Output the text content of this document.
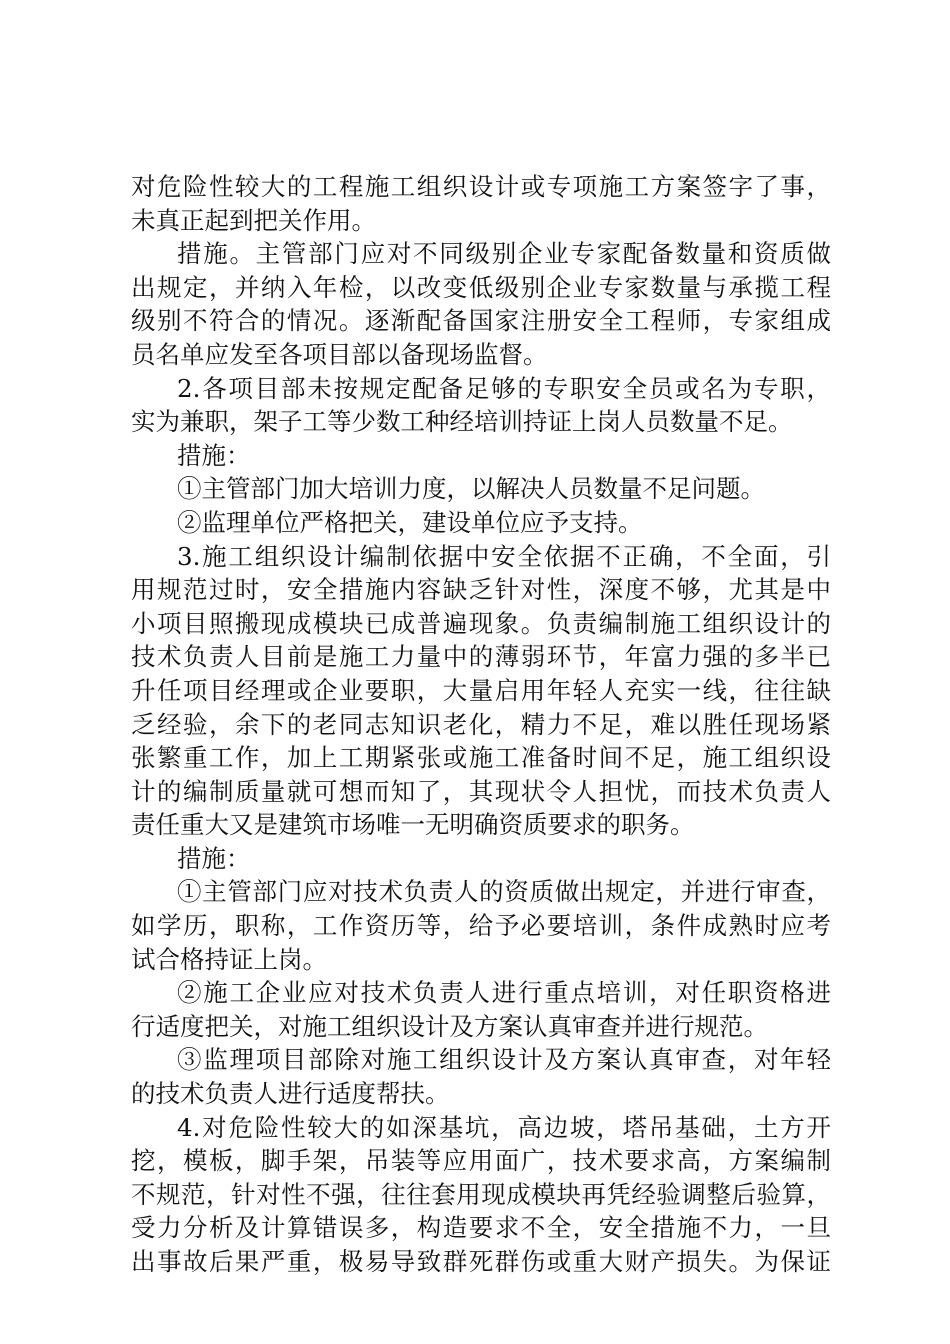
对危险性较大的工程施工组织设计或专项施工方案签字了事，
未真正起到把关作用。
措施。主管部门应对不同级别企业专家配备数量和资质做
出规定，并纳入年检，以改变低级别企业专家数量与承揽工程
级别不符合的情况。逐渐配备国家注册安全工程师，专家组成
员名单应发至各项目部以备现场监督。
2.各项目部未按规定配备足够的专职安全员或名为专职，
实为兼职，架子工等少数工种经培训持证上岗人员数量不足。
措施：
①主管部门加大培训力度，以解决人员数量不足问题。
②监理单位严格把关，建设单位应予支持。
3.施工组织设计编制依据中安全依据不正确，不全面，引
用规范过时，安全措施内容缺乏针对性，深度不够，尤其是中
小项目照搬现成模块已成普遍现象。负责编制施工组织设计的
技术负责人目前是施工力量中的薄弱环节，年富力强的多半已
升任项目经理或企业要职，大量启用年轻人充实一线，往往缺
乏经验，余下的老同志知识老化，精力不足，难以胜任现场紧
张繁重工作，加上工期紧张或施工准备时间不足，施工组织设
计的编制质量就可想而知了，其现状令人担忧，而技术负责人
责任重大又是建筑市场唯一无明确资质要求的职务。
措施：
①主管部门应对技术负责人的资质做出规定，并进行审查，
如学历，职称，工作资历等，给予必要培训，条件成熟时应考
试合格持证上岗。
②施工企业应对技术负责人进行重点培训，对任职资格进
行适度把关，对施工组织设计及方案认真审查并进行规范。
③监理项目部除对施工组织设计及方案认真审查，对年轻
的技术负责人进行适度帮扶。
4.对危险性较大的如深基坑，高边坡，塔吊基础，土方开
挖，模板，脚手架，吊装等应用面广，技术要求高，方案编制
不规范，针对性不强，往往套用现成模块再凭经验调整后验算，
受力分析及计算错误多，构造要求不全，安全措施不力，一旦
出事故后果严重，极易导致群死群伤或重大财产损失。为保证
